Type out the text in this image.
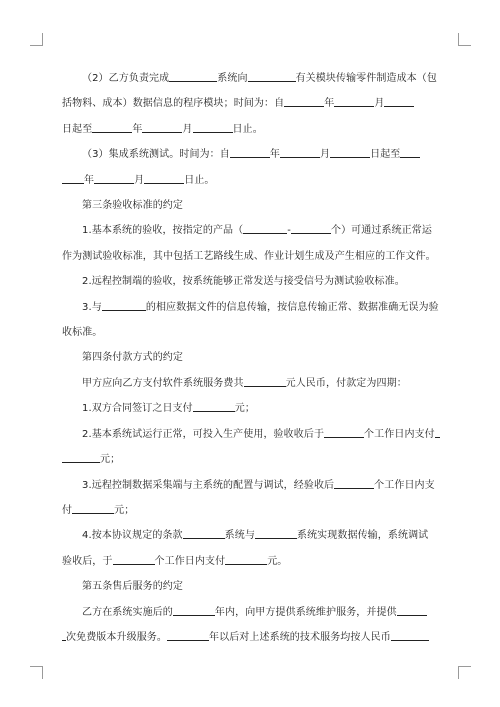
（2）乙方负责完成	系统向	有关模块传输零件制造成本（包

括物料、成本）数据信息的程序模块；时间为：自	年	月

日起至	年	月	日止。

（3）集成系统测试。时间为：自	年	月	日起至

年	月	日止。

第三条验收标准的约定

1.基本系统的验收，按指定的产品（	-	个）可通过系统正常运

作为测试验收标准，其中包括工艺路线生成、作业计划生成及产生相应的工作文件。

2.远程控制端的验收，按系统能够正常发送与接受信号为测试验收标准。

3.与	的相应数据文件的信息传输，按信息传输正常、数据准确无误为验

收标准。

第四条付款方式的约定

甲方应向乙方支付软件系统服务费共	元人民币，付款定为四期：

1.双方合同签订之日支付	元；

2.基本系统试运行正常，可投入生产使用，验收收后于	个工作日内支付

元；

3.远程控制数据采集端与主系统的配置与调试，经验收后	个工作日内支

付	元；

4.按本协议规定的条款	系统与	系统实现数据传输，系统调试

验收后，于	个工作日内支付	元。

第五条售后服务的约定

乙方在系统实施后的	年内，向甲方提供系统维护服务，并提供

次免费版本升级服务。	年以后对上述系统的技术服务均按人民币
